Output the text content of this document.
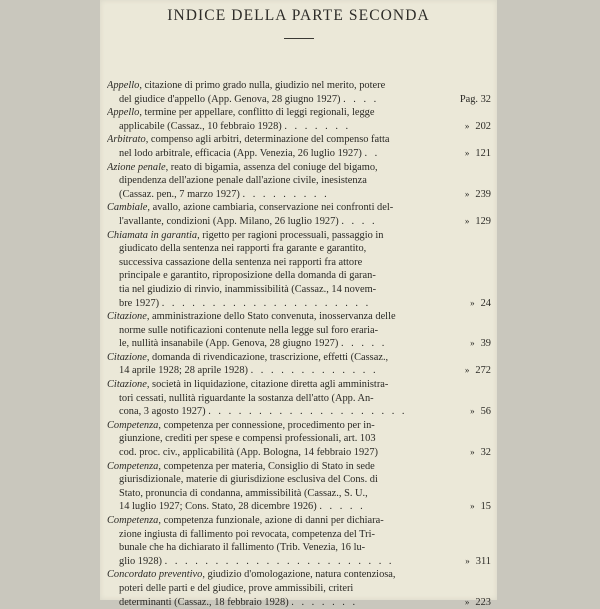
INDICE DELLA PARTE SECONDA
Appello, citazione di primo grado nulla, giudizio nel merito, potere
del giudice d'appello (App. Genova, 28 giugno 1927) . . . .	Pag. 32
Appello, termine per appellare, conflitto di leggi regionali, legge
applicabile (Cassaz., 10 febbraio 1928) . . . . . . .	» 202
Arbitrato, compenso agli arbitri, determinazione del compenso fatta
nel lodo arbitrale, efficacia (App. Venezia, 26 luglio 1927) . .	» 121
Azione penale, reato di bigamia, assenza del coniuge del bigamo,
dipendenza dell'azione penale dall'azione civile, inesistenza
(Cassaz. pen., 7 marzo 1927) . . . . . . . . .	» 239
Cambiale, avallo, azione cambiaria, conservazione nei confronti del-
l'avallante, condizioni (App. Milano, 26 luglio 1927) . . . .	» 129
Chiamata in garantia, rigetto per ragioni processuali, passaggio in
giudicato della sentenza nei rapporti fra garante e garantito,
successiva cassazione della sentenza nei rapporti fra attore
principale e garantito, riproposizione della domanda di garan-
tia nel giudizio di rinvio, inammissibilità (Cassaz., 14 novem-
bre 1927) . . . . . . . . . . . . . . . . . . . . .	» 24
Citazione, amministrazione dello Stato convenuta, inosservanza delle
norme sulle notificazioni contenute nella legge sul foro eraria-
le, nullità insanabile (App. Genova, 28 giugno 1927) . . . . .	» 39
Citazione, domanda di rivendicazione, trascrizione, effetti (Cassaz.,
14 aprile 1928; 28 aprile 1928) . . . . . . . . . . . . .	» 272
Citazione, società in liquidazione, citazione diretta agli amministra-
tori cessati, nullità riguardante la sostanza dell'atto (App. An-
cona, 3 agosto 1927) . . . . . . . . . . . . . . . . . . . .	» 56
Competenza, competenza per connessione, procedimento per in-
giunzione, crediti per spese e compensi professionali, art. 103
cod. proc. civ., applicabilità (App. Bologna, 14 febbraio 1927)	» 32
Competenza, competenza per materia, Consiglio di Stato in sede
giurisdizionale, materie di giurisdizione esclusiva del Cons. di
Stato, pronuncia di condanna, ammissibilità (Cassaz., S. U.,
14 luglio 1927; Cons. Stato, 28 dicembre 1926) . . . . .	» 15
Competenza, competenza funzionale, azione di danni per dichiara-
zione ingiusta di fallimento poi revocata, competenza del Tri-
bunale che ha dichiarato il fallimento (Trib. Venezia, 16 lu-
glio 1928) . . . . . . . . . . . . . . . . . . . . . . .	» 311
Concordato preventivo, giudizio d'omologazione, natura contenziosa,
poteri delle parti e del giudice, prove ammissibili, criteri
determinanti (Cassaz., 18 febbraio 1928) . . . . . . .	» 223
